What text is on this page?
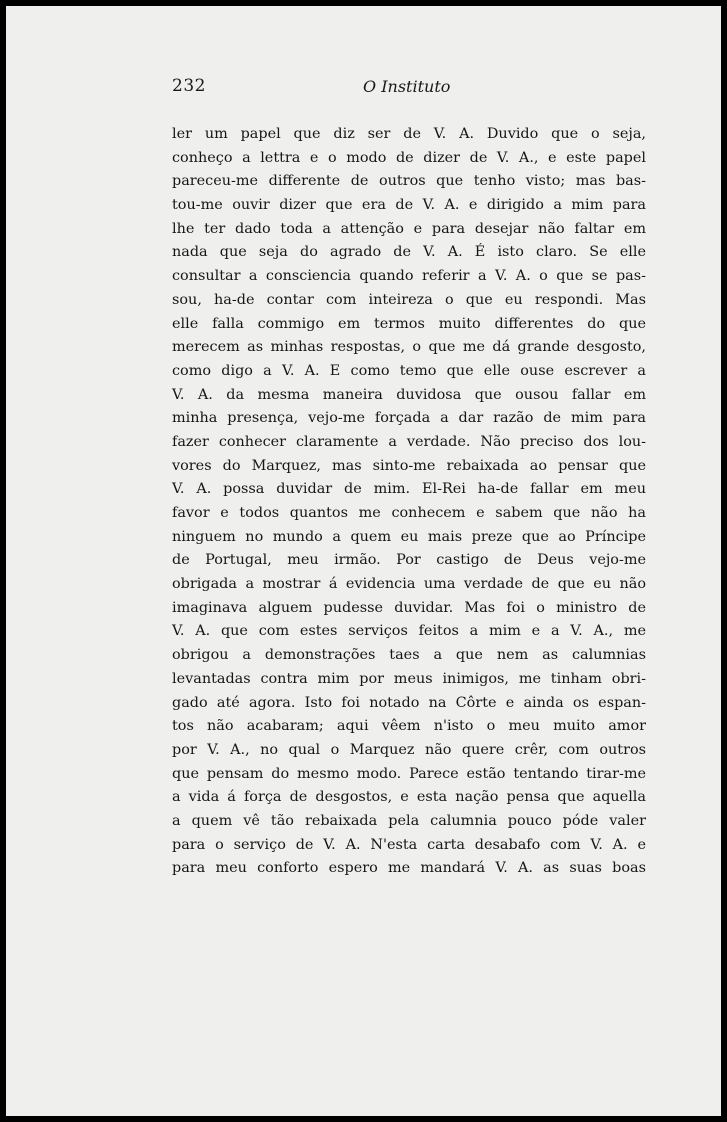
232	O Instituto
ler um papel que diz ser de V. A. Duvido que o seja,
conheço a lettra e o modo de dizer de V. A., e este papel
pareceu-me differente de outros que tenho visto; mas bas-
tou-me ouvir dizer que era de V. A. e dirigido a mim para
lhe ter dado toda a attenção e para desejar não faltar em
nada que seja do agrado de V. A. É isto claro. Se elle
consultar a consciencia quando referir a V. A. o que se pas-
sou, ha-de contar com inteireza o que eu respondi. Mas
elle falla commigo em termos muito differentes do que
merecem as minhas respostas, o que me dá grande desgosto,
como digo a V. A. E como temo que elle ouse escrever a
V. A. da mesma maneira duvidosa que ousou fallar em
minha presença, vejo-me forçada a dar razão de mim para
fazer conhecer claramente a verdade. Não preciso dos lou-
vores do Marquez, mas sinto-me rebaixada ao pensar que
V. A. possa duvidar de mim. El-Rei ha-de fallar em meu
favor e todos quantos me conhecem e sabem que não ha
ninguem no mundo a quem eu mais preze que ao Príncipe
de Portugal, meu irmão. Por castigo de Deus vejo-me
obrigada a mostrar á evidencia uma verdade de que eu não
imaginava alguem pudesse duvidar. Mas foi o ministro de
V. A. que com estes serviços feitos a mim e a V. A., me
obrigou a demonstrações taes a que nem as calumnias
levantadas contra mim por meus inimigos, me tinham obri-
gado até agora. Isto foi notado na Côrte e ainda os espan-
tos não acabaram; aqui vêem n'isto o meu muito amor
por V. A., no qual o Marquez não quere crêr, com outros
que pensam do mesmo modo. Parece estão tentando tirar-me
a vida á força de desgostos, e esta nação pensa que aquella
a quem vê tão rebaixada pela calumnia pouco póde valer
para o serviço de V. A. N'esta carta desabafo com V. A. e
para meu conforto espero me mandará V. A. as suas boas
